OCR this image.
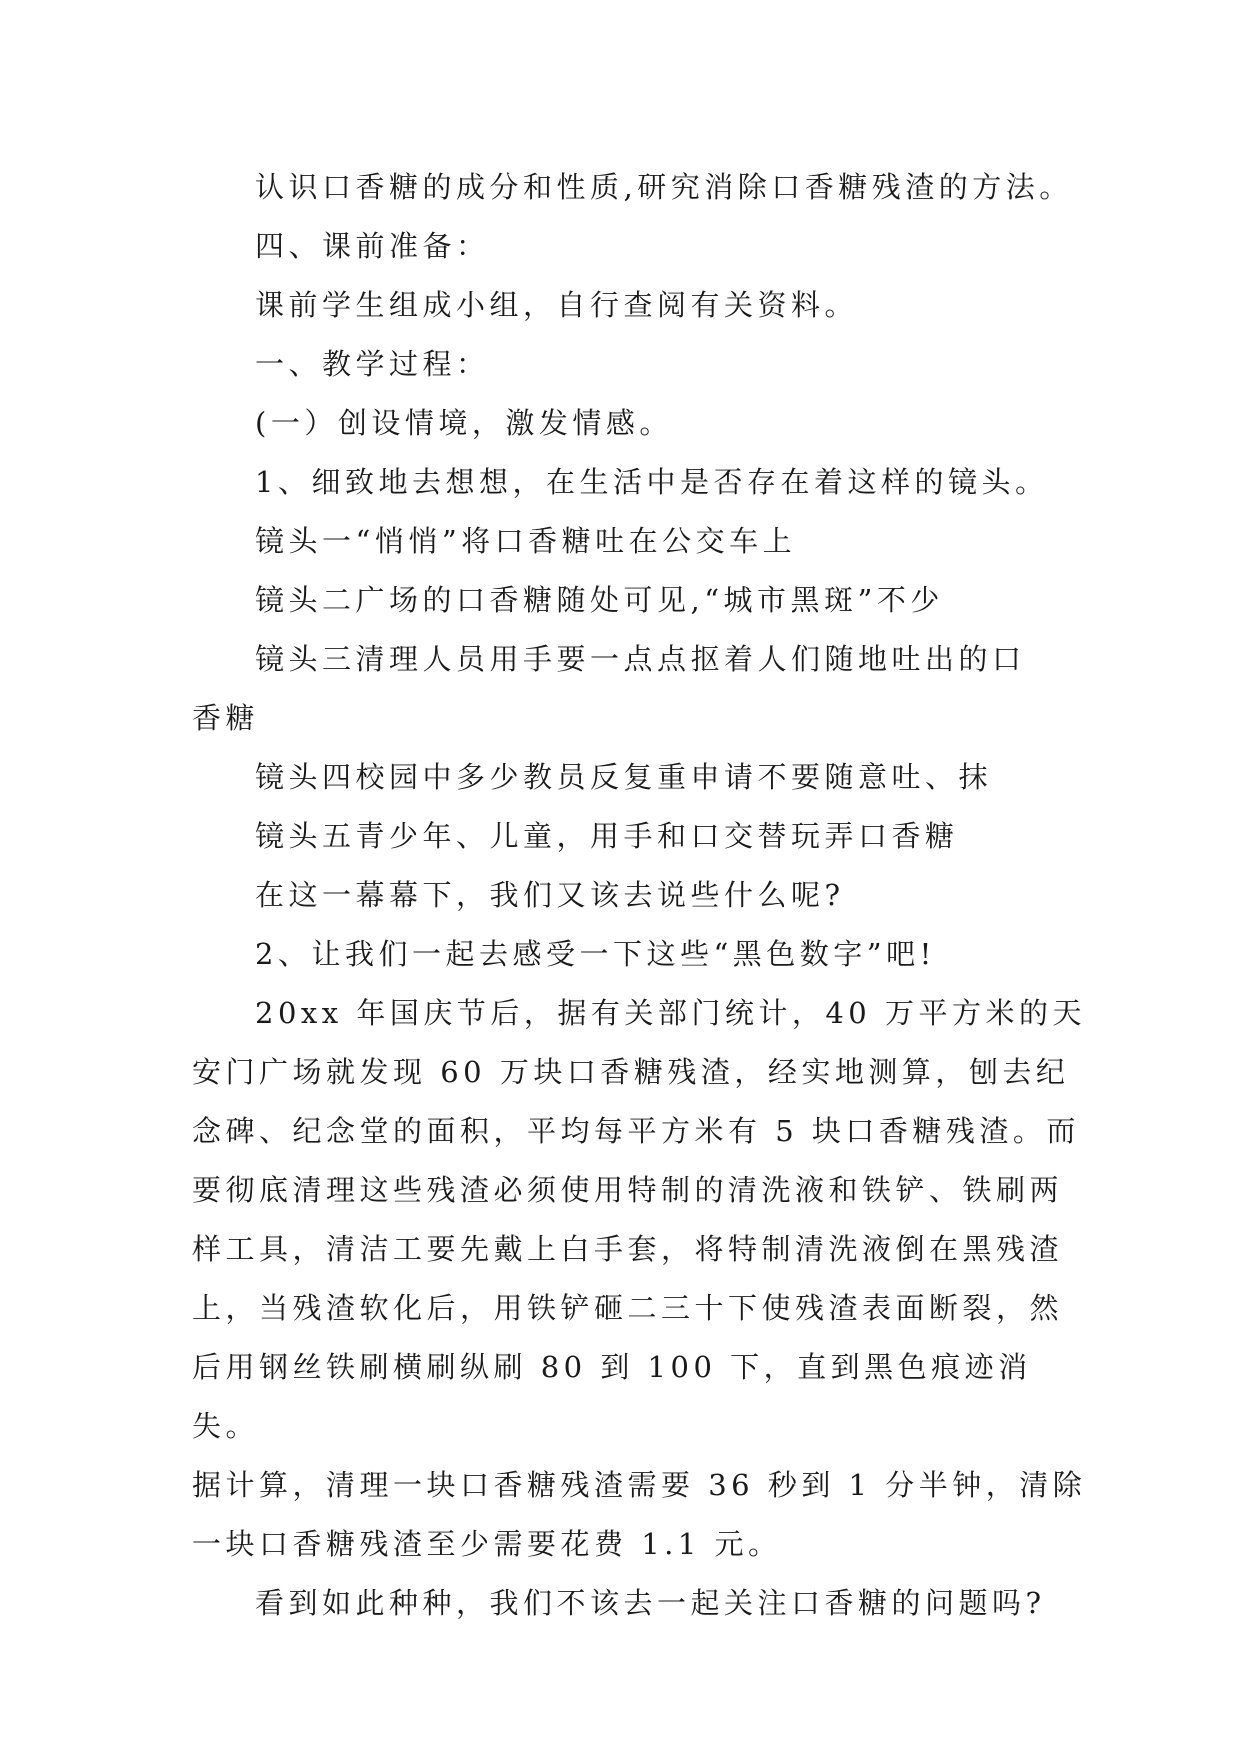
认识口香糖的成分和性质,研究消除口香糖残渣的方法。

四、课前准备：

课前学生组成小组，自行查阅有关资料。

一、教学过程：

(一）创设情境，激发情感。

1、细致地去想想，在生活中是否存在着这样的镜头。

镜头一“悄悄”将口香糖吐在公交车上

镜头二广场的口香糖随处可见,“城市黑斑”不少

镜头三清理人员用手要一点点抠着人们随地吐出的口

香糖

镜头四校园中多少教员反复重申请不要随意吐、抹

镜头五青少年、儿童，用手和口交替玩弄口香糖

在这一幕幕下，我们又该去说些什么呢?

2、让我们一起去感受一下这些“黑色数字”吧!

20xx 年国庆节后，据有关部门统计，40 万平方米的天

安门广场就发现 60 万块口香糖残渣，经实地测算，刨去纪

念碑、纪念堂的面积，平均每平方米有 5 块口香糖残渣。而

要彻底清理这些残渣必须使用特制的清洗液和铁铲、铁刷两

样工具，清洁工要先戴上白手套，将特制清洗液倒在黑残渣

上，当残渣软化后，用铁铲砸二三十下使残渣表面断裂，然

后用钢丝铁刷横刷纵刷 80 到 100 下，直到黑色痕迹消失。

据计算，清理一块口香糖残渣需要 36 秒到 1 分半钟，清除

一块口香糖残渣至少需要花费 1.1 元。

看到如此种种，我们不该去一起关注口香糖的问题吗?
